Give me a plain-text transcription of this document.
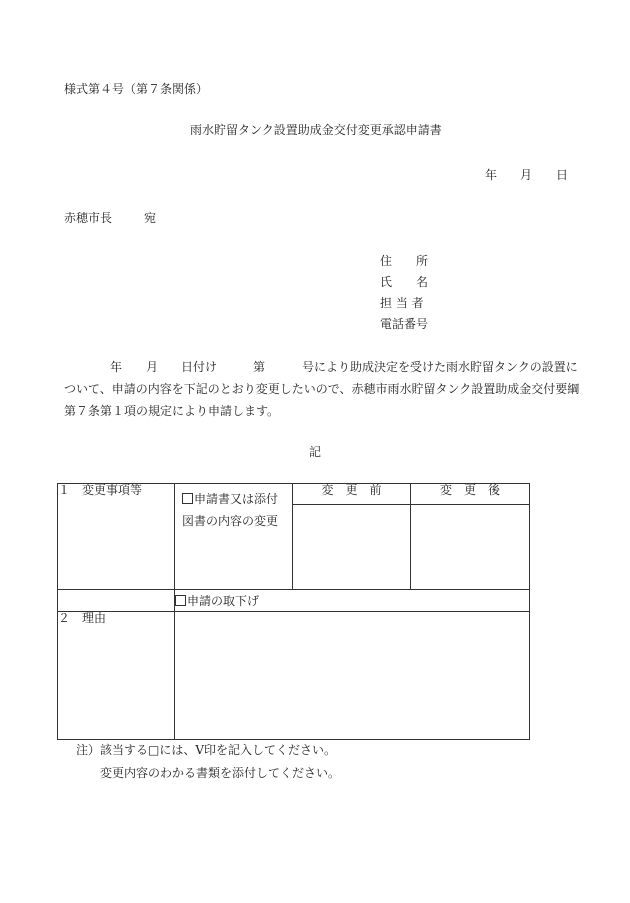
様式第４号（第７条関係）
雨水貯留タンク設置助成金交付変更承認申請書
年 月 日
赤穂市長	宛
住　　所
氏　　名
担 当 者
電話番号
年 月 日付け	第	号により助成決定を受けた雨水貯留タンクの設置に
ついて、申請の内容を下記のとおり変更したいので、赤穂市雨水貯留タンク設置助成金交付要綱
第７条第１項の規定により申請します。
記
１　変更事項等	申請書又は添付図書の内容の変更	変　更　前	変　更　後

	申請の取下げ		
２　理由			
注）該当する□には、V印を記入してください。
変更内容のわかる書類を添付してください。
